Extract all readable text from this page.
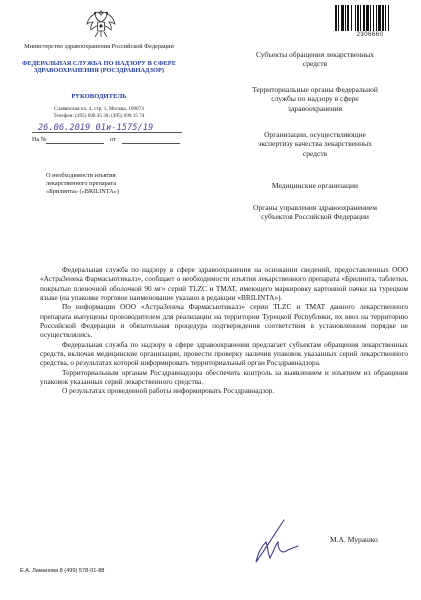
2306660
Министерство здравоохранения Российской Федерации
ФЕДЕРАЛЬНАЯ СЛУЖБА ПО НАДЗОРУ В СФЕРЕ ЗДРАВООХРАНЕНИЯ (РОСЗДРАВНАДЗОР)
РУКОВОДИТЕЛЬ
Славянская пл. 4, стр. 1, Москва, 109074
Телефон: (495) 698 45 38; (495) 698 15 74
26.06.2019 01и-1575/19
На №	от
О необходимости изъятия
лекарственного препарата
«Брилинта» («BRILINTA»)
Субъекты обращения лекарственных средств
Территориальные органы Федеральной службы по надзору в сфере здравоохранения
Организации, осуществляющие экспертизу качества лекарственных средств
Медицинские организации
Органы управления здравоохранением субъектов Российской Федерации

Федеральная служба по надзору в сфере здравоохранения на основании сведений, предоставленных ООО «АстраЗенека Фармасьютикалз», сообщает о необходимости изъятия лекарственного препарата «Брилинта, таблетки, покрытые пленочной оболочкой 90 мг» серий TLZC и TMAT, имеющего маркировку картонной пачки на турецком языке (на упаковке торговое наименование указано в редакции «BRILINTA»).

По информации ООО «АстраЗенека Фармасьютикалз» серии TLZC и TMAT данного лекарственного препарата выпущены производителем для реализации на территории Турецкой Республики, их ввоз на территорию Российской Федерации и обязательная процедура подтверждения соответствия в установленном порядке не осуществлялись.

Федеральная служба по надзору в сфере здравоохранения предлагает субъектам обращения лекарственных средств, включая медицинские организации, провести проверку наличия упаковок указанных серий лекарственного средства, о результатах которой информировать территориальный орган Росздравнадзора.

Территориальным органам Росздравнадзора обеспечить контроль за выявлением и изъятием из обращения упаковок указанных серий лекарственного средства.

О результатах проведенной работы информировать Росздравнадзор.

М.А. Мурашко
Е.А. Ламанова 8 (499) 578-01-88
